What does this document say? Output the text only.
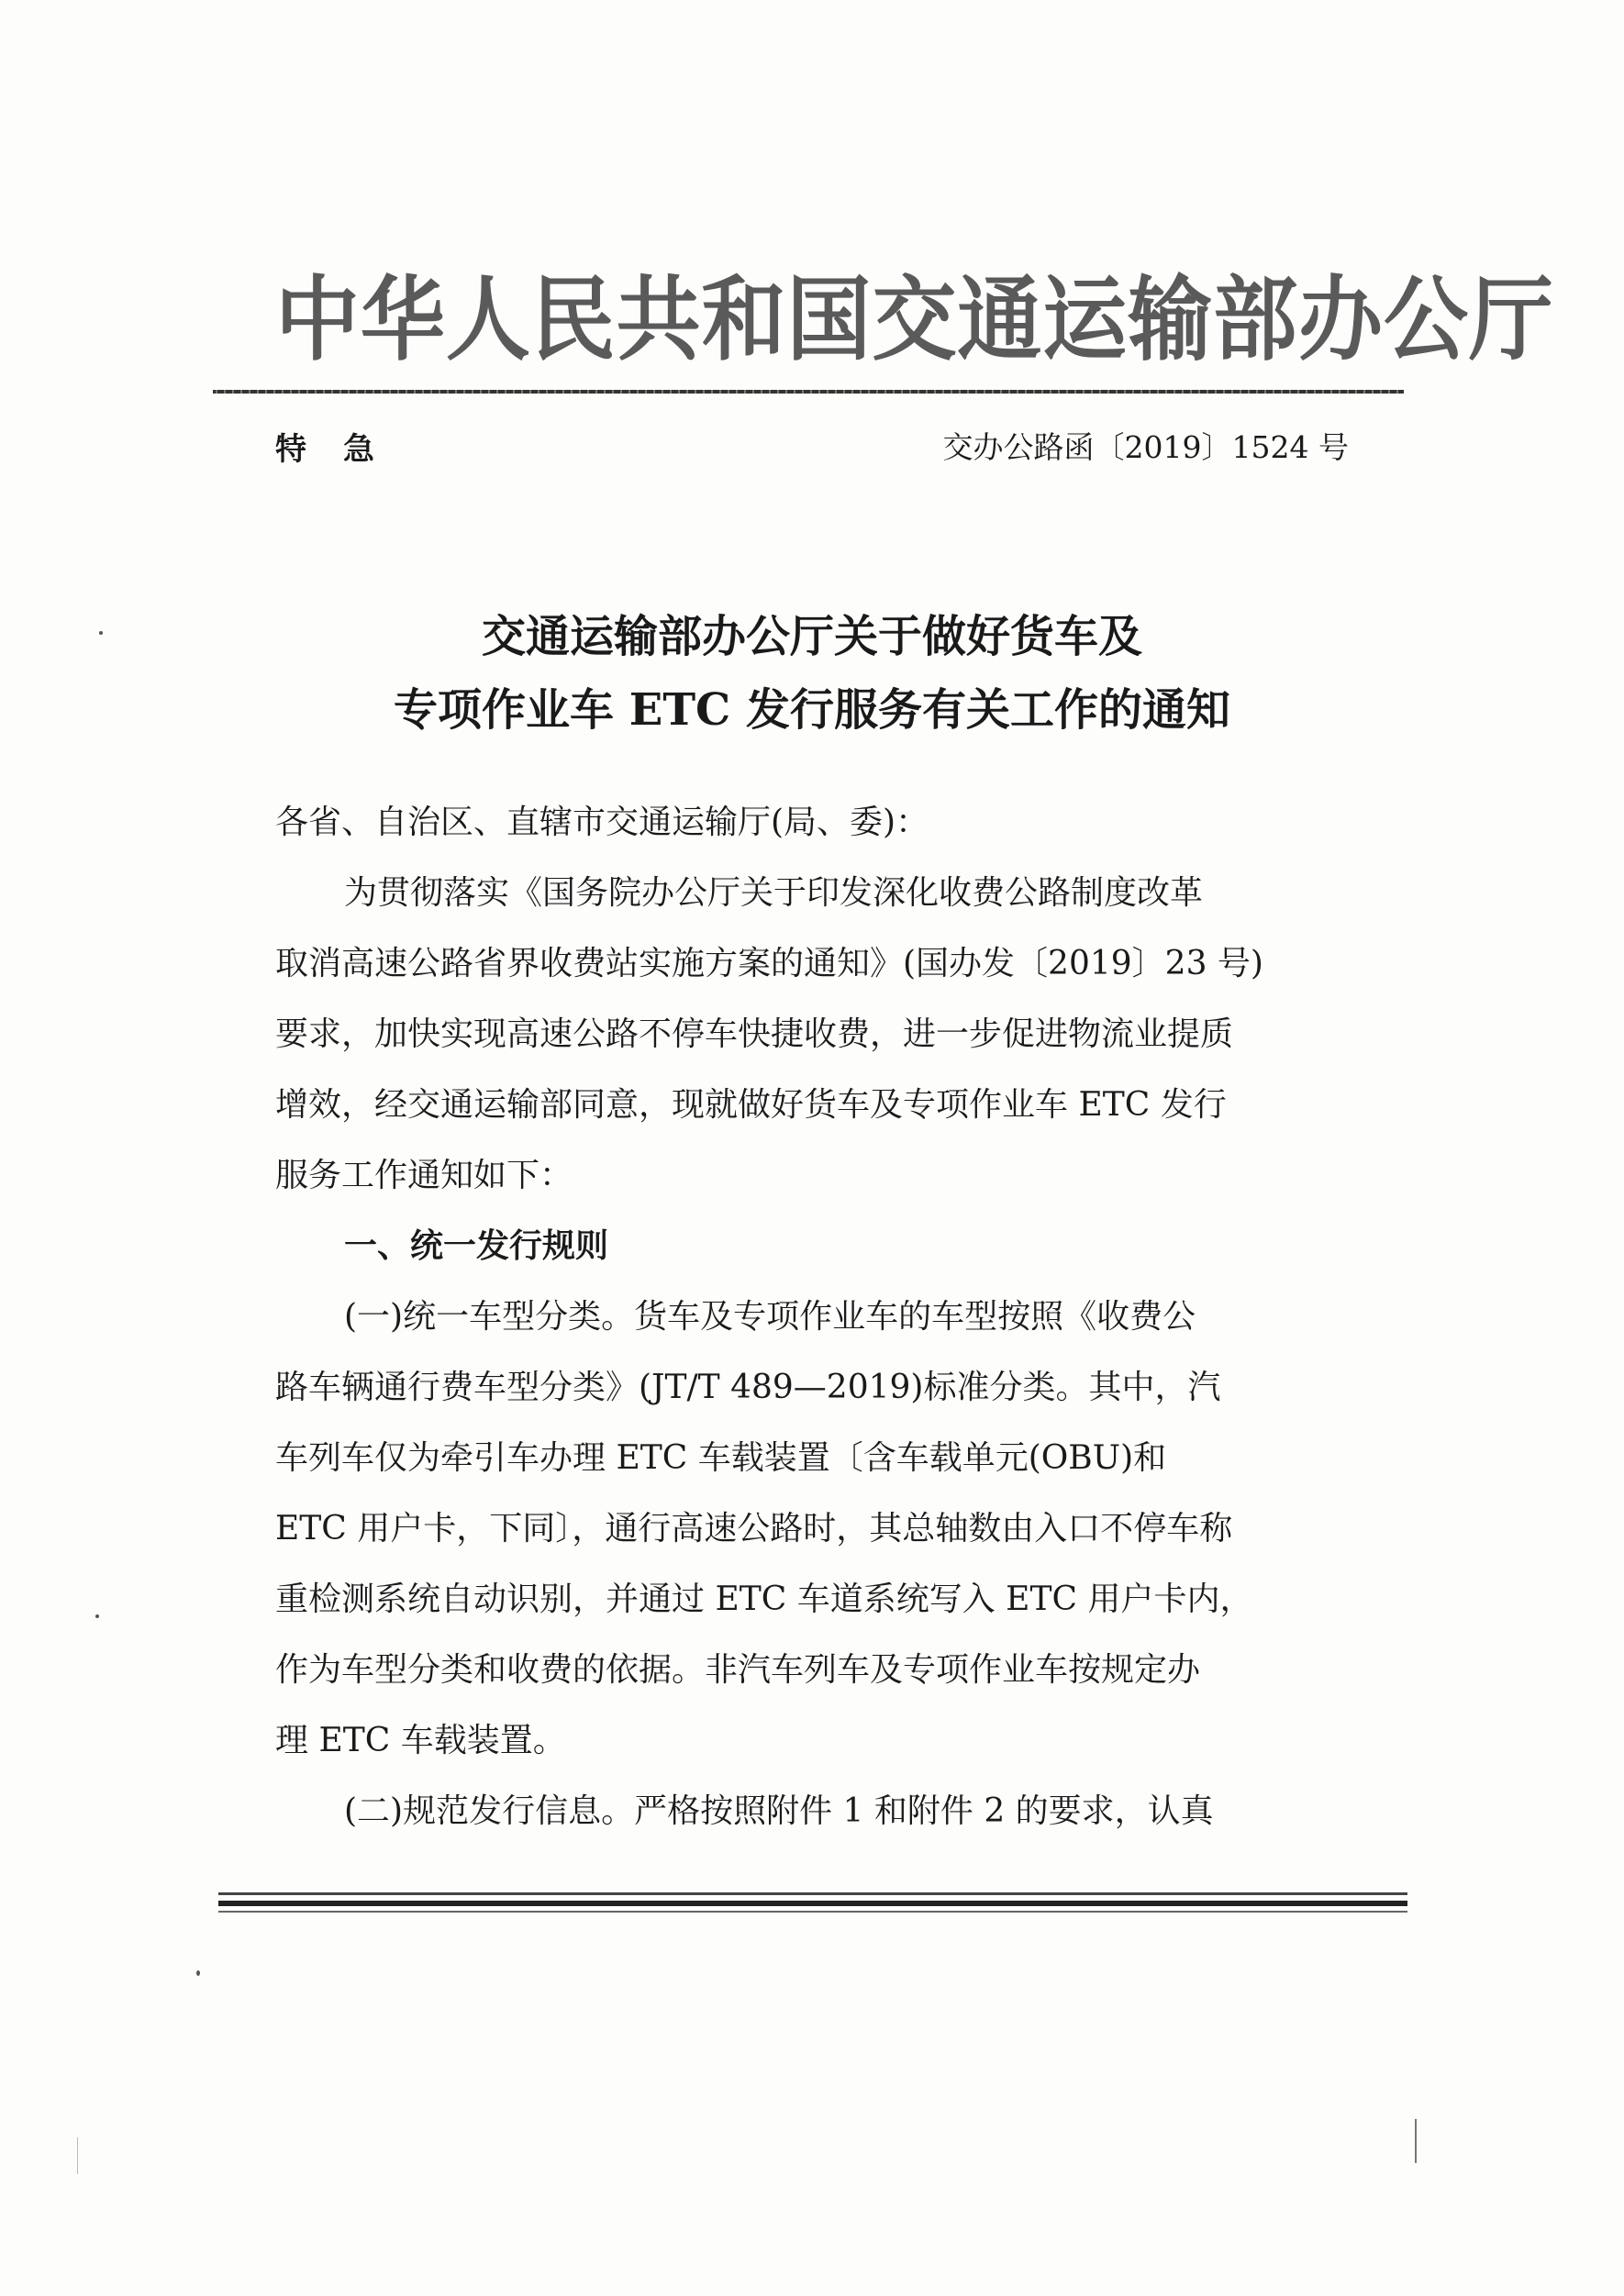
中华人民共和国交通运输部办公厅
特急	交办公路函〔2019〕1524 号
交通运输部办公厅关于做好货车及
专项作业车 ETC 发行服务有关工作的通知
各省、自治区、直辖市交通运输厅(局、委)：
为贯彻落实《国务院办公厅关于印发深化收费公路制度改革
取消高速公路省界收费站实施方案的通知》(国办发〔2019〕23 号)
要求，加快实现高速公路不停车快捷收费，进一步促进物流业提质
增效，经交通运输部同意，现就做好货车及专项作业车 ETC 发行
服务工作通知如下：
一、统一发行规则
(一)统一车型分类。货车及专项作业车的车型按照《收费公
路车辆通行费车型分类》(JT/T 489—2019)标准分类。其中，汽
车列车仅为牵引车办理 ETC 车载装置〔含车载单元(OBU)和
ETC 用户卡，下同〕，通行高速公路时，其总轴数由入口不停车称
重检测系统自动识别，并通过 ETC 车道系统写入 ETC 用户卡内，
作为车型分类和收费的依据。非汽车列车及专项作业车按规定办
理 ETC 车载装置。
(二)规范发行信息。严格按照附件 1 和附件 2 的要求，认真
